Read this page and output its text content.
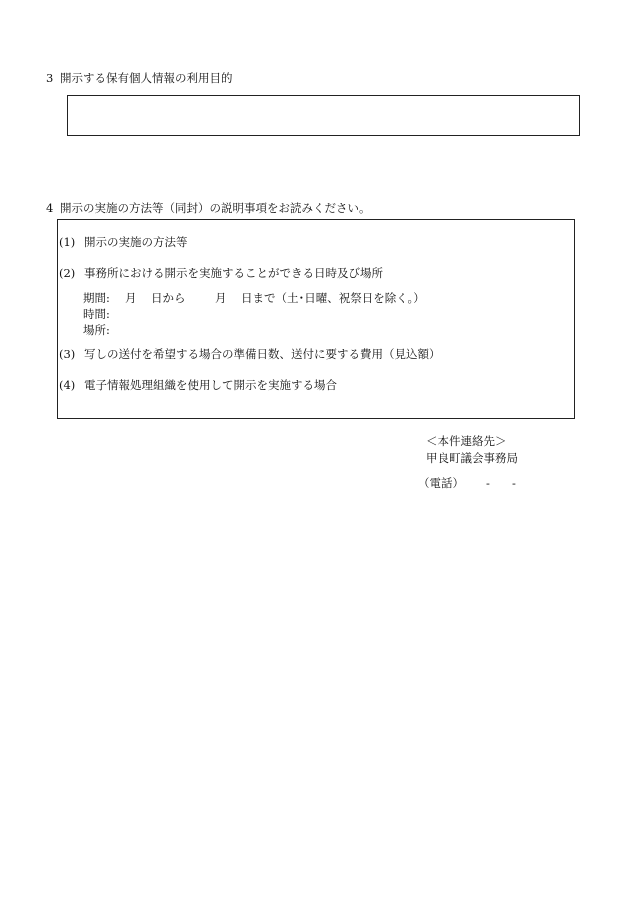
3 開示する保有個人情報の利用目的
4 開示の実施の方法等（同封）の説明事項をお読みください。
(1) 開示の実施の方法等
(2) 事務所における開示を実施することができる日時及び場所
期間: 月 日から	月 日まで（土･日曜、祝祭日を除く。）
時間:
場所:
(3) 写しの送付を希望する場合の準備日数、送付に要する費用（見込額）
(4) 電子情報処理組織を使用して開示を実施する場合
＜本件連絡先＞
甲良町議会事務局
（電話） - -
